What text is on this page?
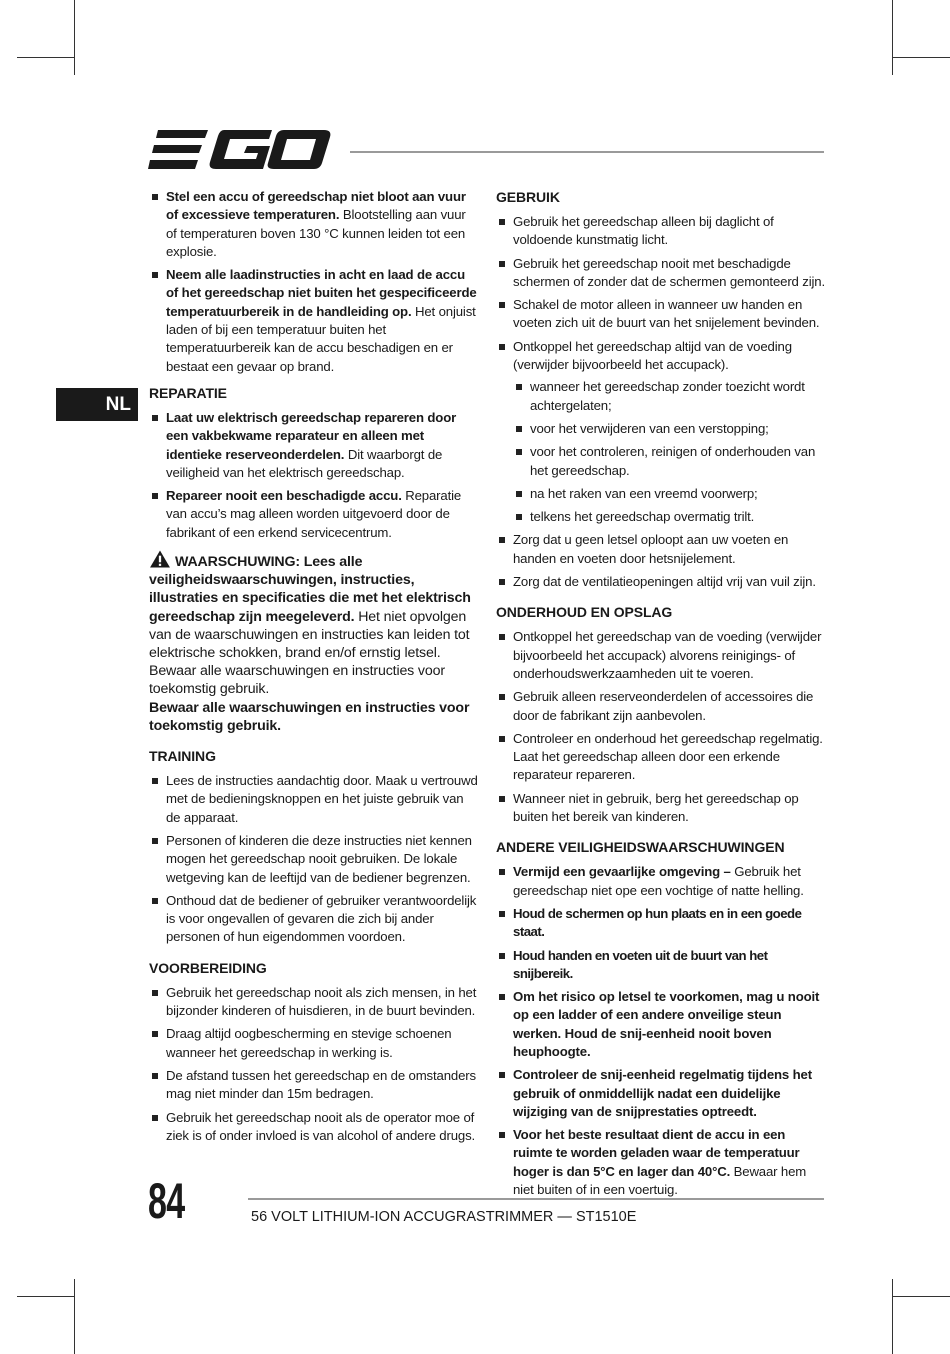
NL
Stel een accu of gereedschap niet bloot aan vuur of excessieve temperaturen. Blootstelling aan vuur of temperaturen boven 130 °C kunnen leiden tot een explosie.
Neem alle laadinstructies in acht en laad de accu of het gereedschap niet buiten het gespecificeerde temperatuurbereik in de handleiding op. Het onjuist laden of bij een temperatuur buiten het temperatuurbereik kan de accu beschadigen en er bestaat een gevaar op brand.
REPARATIE
Laat uw elektrisch gereedschap repareren door een vakbekwame reparateur en alleen met identieke reserveonderdelen. Dit waarborgt de veiligheid van het elektrisch gereedschap.
Repareer nooit een beschadigde accu. Reparatie van accu’s mag alleen worden uitgevoerd door de fabrikant of een erkend servicecentrum.
WAARSCHUWING: Lees alle veiligheidswaarschuwingen, instructies, illustraties en specificaties die met het elektrisch gereedschap zijn meegeleverd. Het niet opvolgen van de waarschuwingen en instructies kan leiden tot elektrische schokken, brand en/of ernstig letsel. Bewaar alle waarschuwingen en instructies voor toekomstig gebruik.
Bewaar alle waarschuwingen en instructies voor toekomstig gebruik.
TRAINING
Lees de instructies aandachtig door. Maak u vertrouwd met de bedieningsknoppen en het juiste gebruik van de apparaat.
Personen of kinderen die deze instructies niet kennen mogen het gereedschap nooit gebruiken. De lokale wetgeving kan de leeftijd van de bediener begrenzen.
Onthoud dat de bediener of gebruiker verantwoordelijk is voor ongevallen of gevaren die zich bij ander personen of hun eigendommen voordoen.
VOORBEREIDING
Gebruik het gereedschap nooit als zich mensen, in het bijzonder kinderen of huisdieren, in de buurt bevinden.
Draag altijd oogbescherming en stevige schoenen wanneer het gereedschap in werking is.
De afstand tussen het gereedschap en de omstanders mag niet minder dan 15m bedragen.
Gebruik het gereedschap nooit als de operator moe of ziek is of onder invloed is van alcohol of andere drugs.
GEBRUIK
Gebruik het gereedschap alleen bij daglicht of voldoende kunstmatig licht.
Gebruik het gereedschap nooit met beschadigde schermen of zonder dat de schermen gemonteerd zijn.
Schakel de motor alleen in wanneer uw handen en voeten zich uit de buurt van het snijelement bevinden.
Ontkoppel het gereedschap altijd van de voeding (verwijder bijvoorbeeld het accupack).
wanneer het gereedschap zonder toezicht wordt achtergelaten;
voor het verwijderen van een verstopping;
voor het controleren, reinigen of onderhouden van het gereedschap.
na het raken van een vreemd voorwerp;
telkens het gereedschap overmatig trilt.
Zorg dat u geen letsel oploopt aan uw voeten en handen en voeten door hetsnijelement.
Zorg dat de ventilatieopeningen altijd vrij van vuil zijn.
ONDERHOUD EN OPSLAG
Ontkoppel het gereedschap van de voeding (verwijder bijvoorbeeld het accupack) alvorens reinigings- of onderhoudswerkzaamheden uit te voeren.
Gebruik alleen reserveonderdelen of accessoires die door de fabrikant zijn aanbevolen.
Controleer en onderhoud het gereedschap regelmatig. Laat het gereedschap alleen door een erkende reparateur repareren.
Wanneer niet in gebruik, berg het gereedschap op buiten het bereik van kinderen.
ANDERE VEILIGHEIDSWAARSCHUWINGEN
Vermijd een gevaarlijke omgeving – Gebruik het gereedschap niet ope een vochtige of natte helling.
Houd de schermen op hun plaats en in een goede staat.
Houd handen en voeten uit de buurt van het snijbereik.
Om het risico op letsel te voorkomen, mag u nooit op een ladder of een andere onveilige steun werken. Houd de snij-eenheid nooit boven heuphoogte.
Controleer de snij-eenheid regelmatig tijdens het gebruik of onmiddellijk nadat een duidelijke wijziging van de snijprestaties optreedt.
Voor het beste resultaat dient de accu in een ruimte te worden geladen waar de temperatuur hoger is dan 5°C en lager dan 40°C. Bewaar hem niet buiten of in een voertuig.
84	56 VOLT LITHIUM-ION ACCUGRASTRIMMER — ST1510E
